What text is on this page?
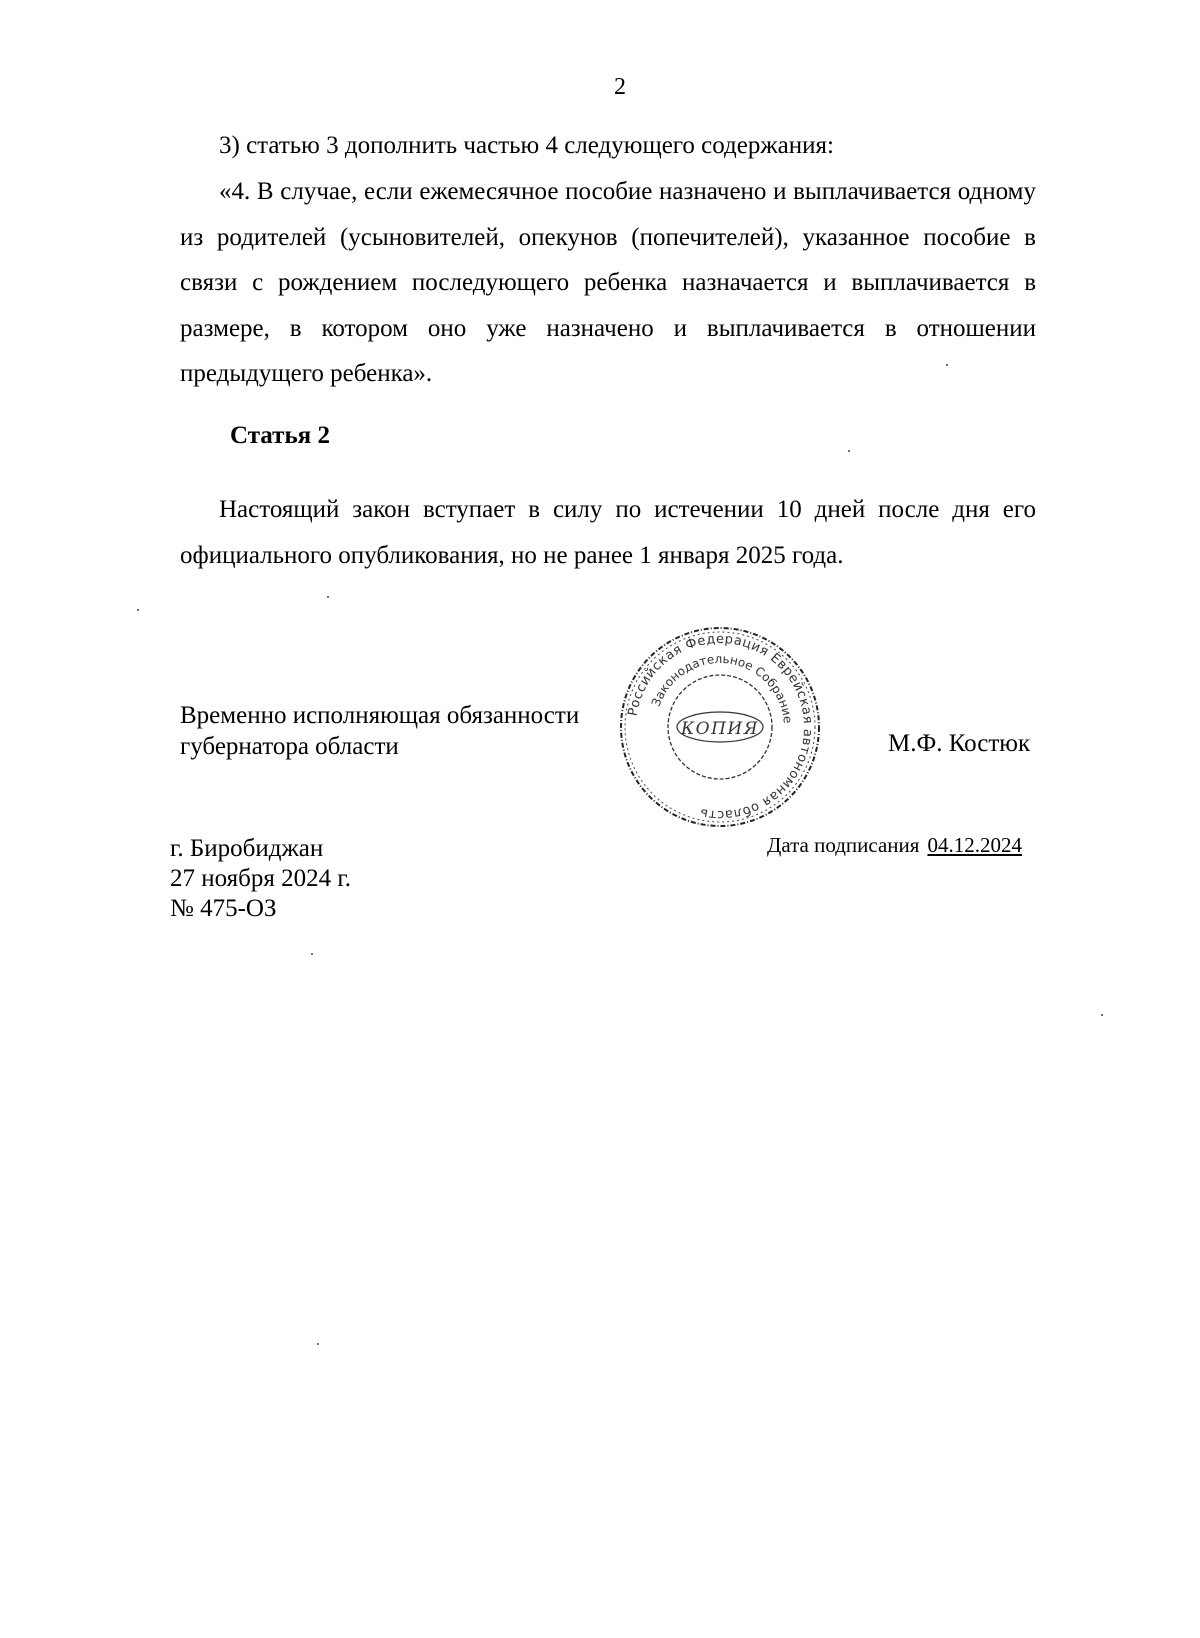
2
3) статью 3 дополнить частью 4 следующего содержания:
«4. В случае, если ежемесячное пособие назначено и выплачивается одному из родителей (усыновителей, опекунов (попечителей), указанное пособие в связи с рождением последующего ребенка назначается и выплачивается в размере, в котором оно уже назначено и выплачивается в отношении предыдущего ребенка».
Статья 2
Настоящий закон вступает в силу по истечении 10 дней после дня его официального опубликования, но не ранее 1 января 2025 года.
Временно исполняющая обязанности
губернатора области
Российская Федерация Еврейская автономная область
Законодательное Собрание
КОПИЯ
М.Ф. Костюк
г. Биробиджан
27 ноября 2024 г.
№ 475-ОЗ
Дата подписания 04.12.2024
